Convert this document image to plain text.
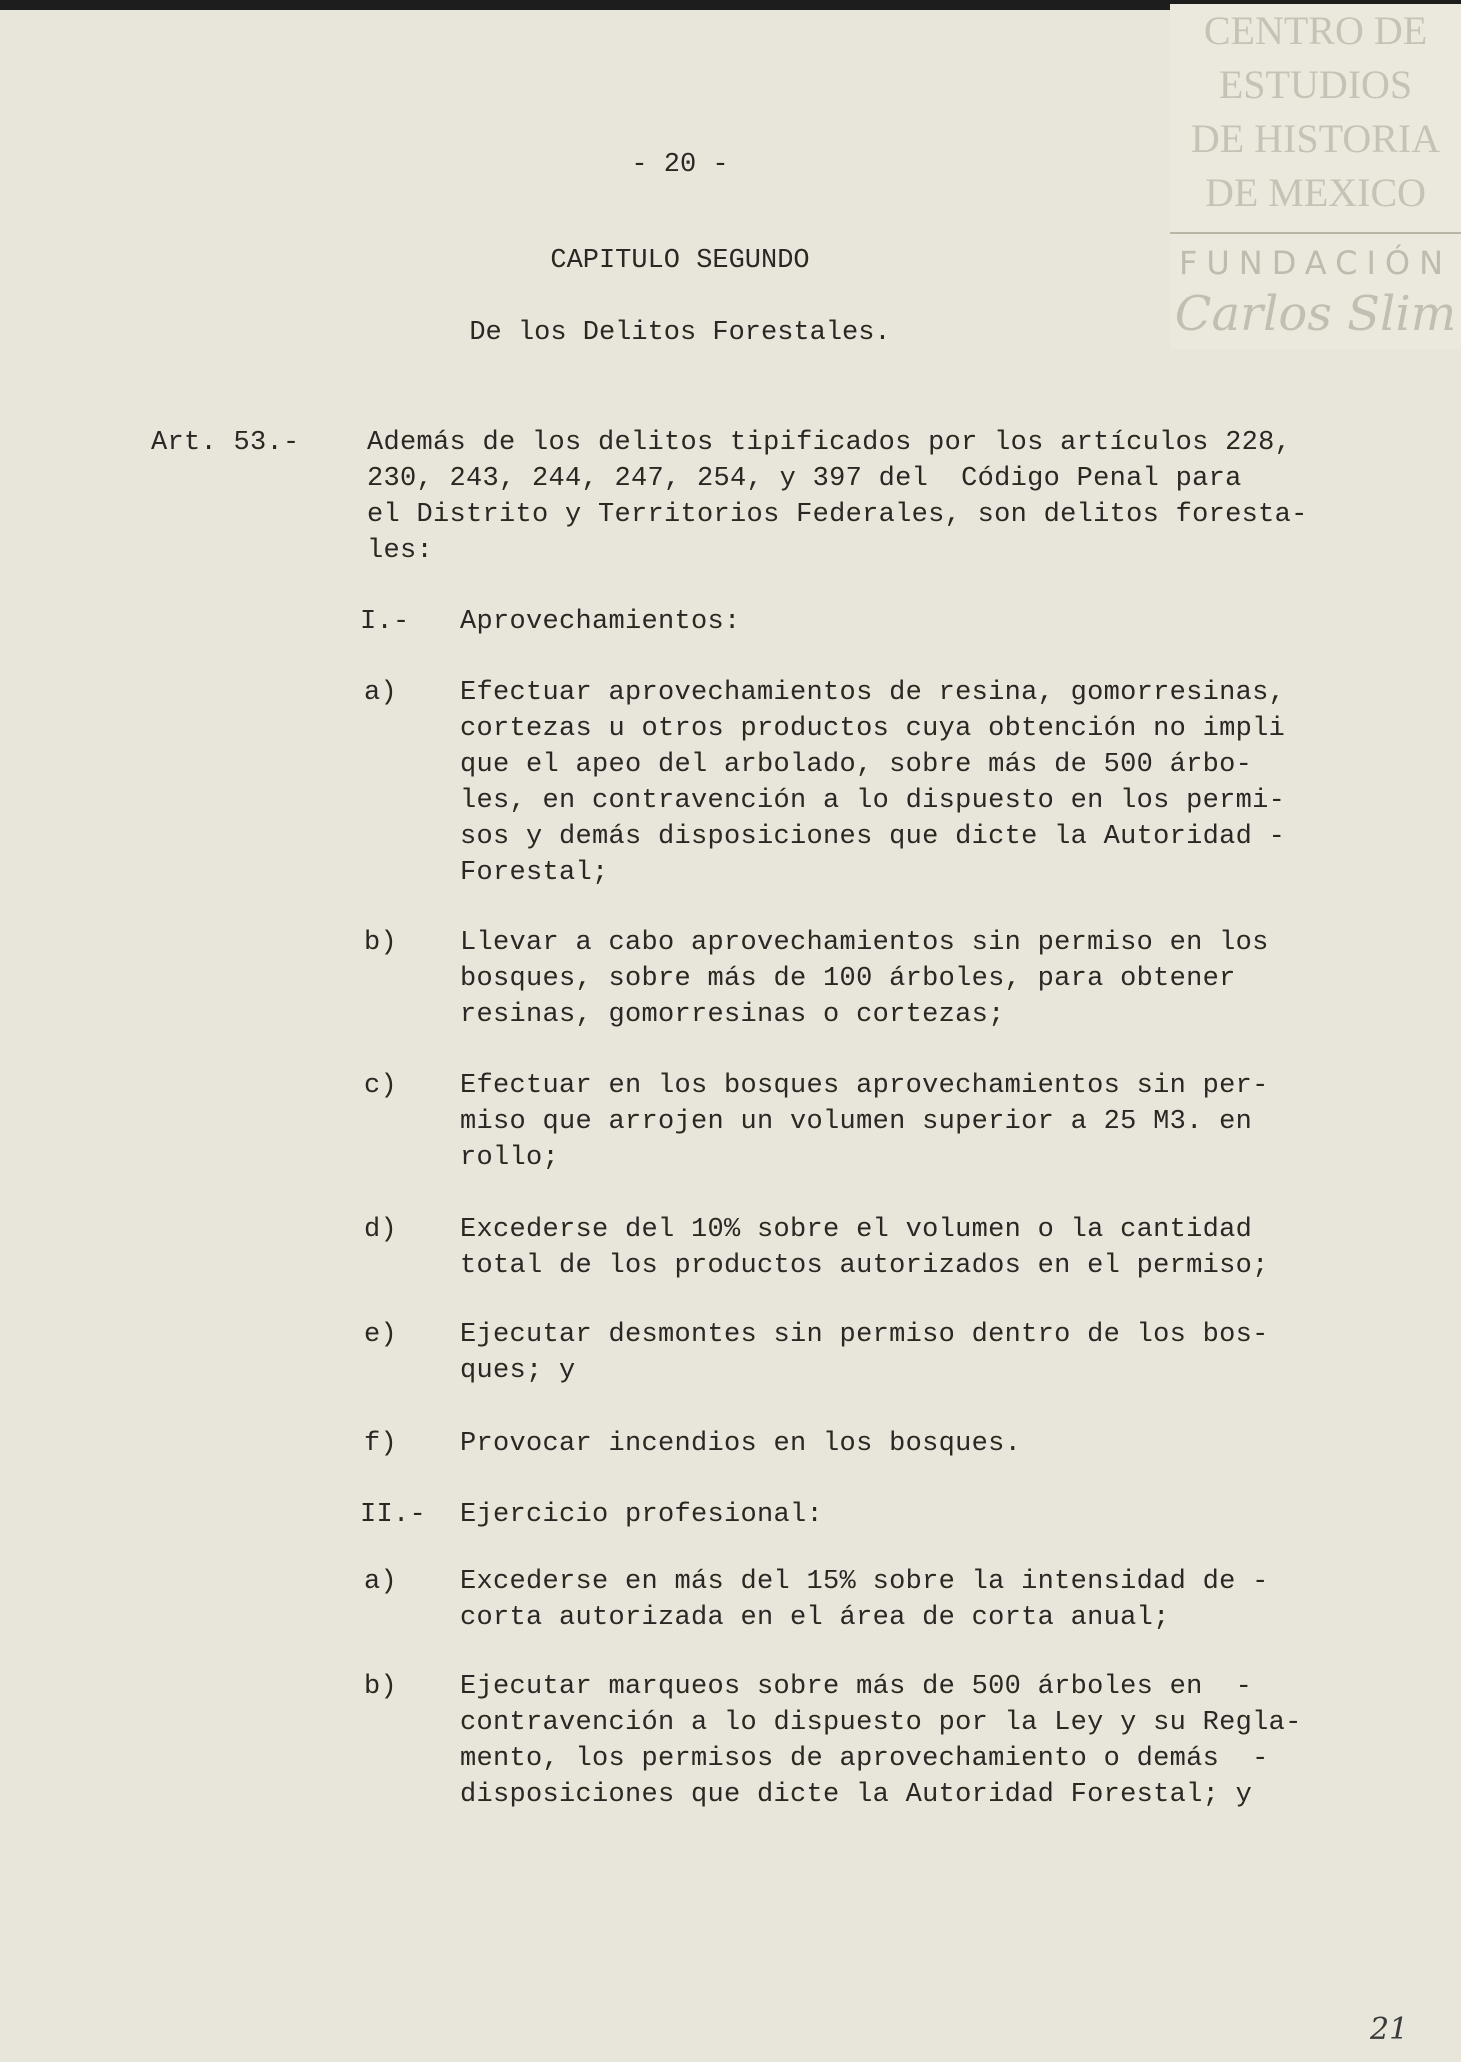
CENTRO DE
ESTUDIOS
DE HISTORIA
DE MEXICO
FUNDACIÓN
Carlos Slim
- 20 -
CAPITULO SEGUNDO
De los Delitos Forestales.
Art. 53.- Además de los delitos tipificados por los artículos 228,
230, 243, 244, 247, 254, y 397 del  Código Penal para
el Distrito y Territorios Federales, son delitos foresta-
les:
I.- Aprovechamientos:
a) Efectuar aprovechamientos de resina, gomorresinas,
cortezas u otros productos cuya obtención no impli
que el apeo del arbolado, sobre más de 500 árbo-
les, en contravención a lo dispuesto en los permi-
sos y demás disposiciones que dicte la Autoridad -
Forestal;
b) Llevar a cabo aprovechamientos sin permiso en los
bosques, sobre más de 100 árboles, para obtener
resinas, gomorresinas o cortezas;
c) Efectuar en los bosques aprovechamientos sin per-
miso que arrojen un volumen superior a 25 M3. en
rollo;
d) Excederse del 10% sobre el volumen o la cantidad
total de los productos autorizados en el permiso;
e) Ejecutar desmontes sin permiso dentro de los bos-
ques; y
f) Provocar incendios en los bosques.
II.- Ejercicio profesional:
a) Excederse en más del 15% sobre la intensidad de -
corta autorizada en el área de corta anual;
b) Ejecutar marqueos sobre más de 500 árboles en  -
contravención a lo dispuesto por la Ley y su Regla-
mento, los permisos de aprovechamiento o demás  -
disposiciones que dicte la Autoridad Forestal; y
21
